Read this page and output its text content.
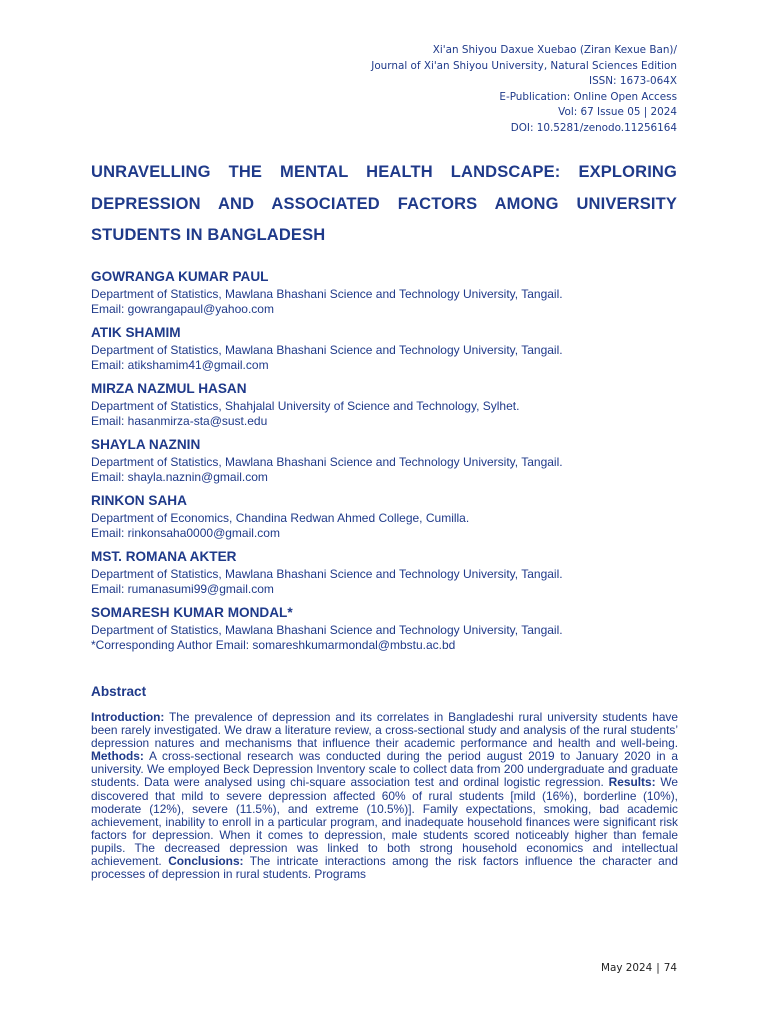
Xi'an Shiyou Daxue Xuebao (Ziran Kexue Ban)/
Journal of Xi'an Shiyou University, Natural Sciences Edition
ISSN: 1673-064X
E-Publication: Online Open Access
Vol: 67 Issue 05 | 2024
DOI: 10.5281/zenodo.11256164
UNRAVELLING THE MENTAL HEALTH LANDSCAPE: EXPLORING DEPRESSION AND ASSOCIATED FACTORS AMONG UNIVERSITY STUDENTS IN BANGLADESH
GOWRANGA KUMAR PAUL
Department of Statistics, Mawlana Bhashani Science and Technology University, Tangail.
Email: gowrangapaul@yahoo.com
ATIK SHAMIM
Department of Statistics, Mawlana Bhashani Science and Technology University, Tangail.
Email: atikshamim41@gmail.com
MIRZA NAZMUL HASAN
Department of Statistics, Shahjalal University of Science and Technology, Sylhet.
Email: hasanmirza-sta@sust.edu
SHAYLA NAZNIN
Department of Statistics, Mawlana Bhashani Science and Technology University, Tangail.
Email: shayla.naznin@gmail.com
RINKON SAHA
Department of Economics, Chandina Redwan Ahmed College, Cumilla.
Email: rinkonsaha0000@gmail.com
MST. ROMANA AKTER
Department of Statistics, Mawlana Bhashani Science and Technology University, Tangail.
Email: rumanasumi99@gmail.com
SOMARESH KUMAR MONDAL*
Department of Statistics, Mawlana Bhashani Science and Technology University, Tangail.
*Corresponding Author Email: somareshkumarmondal@mbstu.ac.bd
Abstract
Introduction: The prevalence of depression and its correlates in Bangladeshi rural university students have been rarely investigated. We draw a literature review, a cross-sectional study and analysis of the rural students’ depression natures and mechanisms that influence their academic performance and health and well-being. Methods: A cross-sectional research was conducted during the period august 2019 to January 2020 in a university. We employed Beck Depression Inventory scale to collect data from 200 undergraduate and graduate students. Data were analysed using chi-square association test and ordinal logistic regression. Results: We discovered that mild to severe depression affected 60% of rural students [mild (16%), borderline (10%), moderate (12%), severe (11.5%), and extreme (10.5%)]. Family expectations, smoking, bad academic achievement, inability to enroll in a particular program, and inadequate household finances were significant risk factors for depression. When it comes to depression, male students scored noticeably higher than female pupils. The decreased depression was linked to both strong household economics and intellectual achievement. Conclusions: The intricate interactions among the risk factors influence the character and processes of depression in rural students. Programs
May 2024 | 74
